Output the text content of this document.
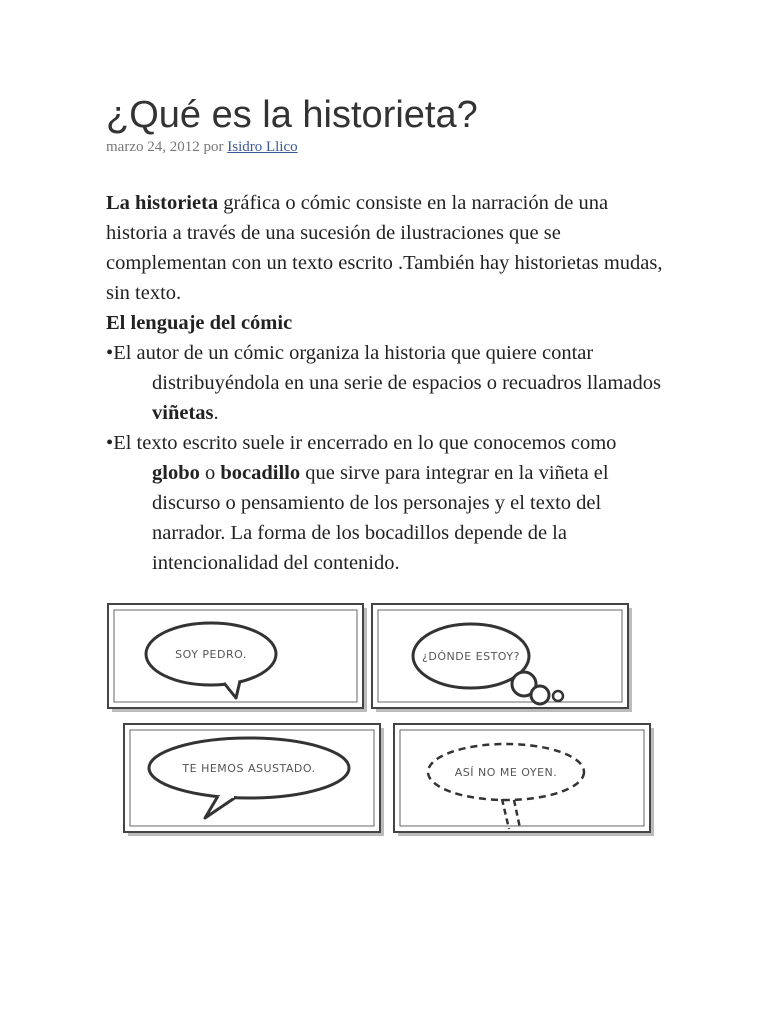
¿Qué es la historieta?
marzo 24, 2012 por Isidro Llico

La historieta gráfica o cómic consiste en la narración de una historia a través de una sucesión de ilustraciones que se complementan con un texto escrito .También hay historietas mudas, sin texto.

El lenguaje del cómic

•El autor de un cómic organiza la historia que quiere contar distribuyéndola en una serie de espacios o recuadros llamados viñetas.

•El texto escrito suele ir encerrado en lo que conocemos como globo o bocadillo que sirve para integrar en la viñeta el discurso o pensamiento de los personajes y el texto del narrador. La forma de los bocadillos depende de la intencionalidad del contenido.

SOY PEDRO.	¿DÓNDE ESTOY?
TE HEMOS ASUSTADO.	ASÍ NO ME OYEN.
